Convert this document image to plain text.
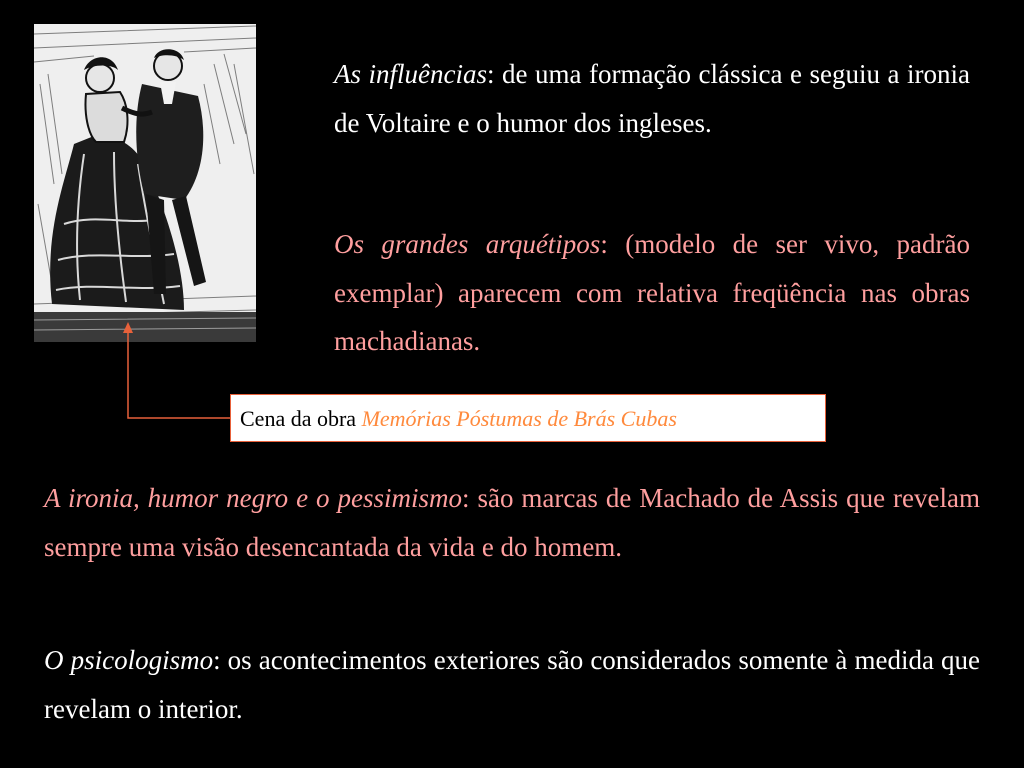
As influências: de uma formação clássica e seguiu a ironia de Voltaire e o humor dos ingleses.

Os grandes arquétipos: (modelo de ser vivo, padrão exemplar) aparecem com relativa freqüência nas obras machadianas.

Cena da obra Memórias Póstumas de Brás Cubas

A ironia, humor negro e o pessimismo: são marcas de Machado de Assis que revelam sempre uma visão desencantada da vida e do homem.

O psicologismo: os acontecimentos exteriores são considerados somente à medida que revelam o interior.
